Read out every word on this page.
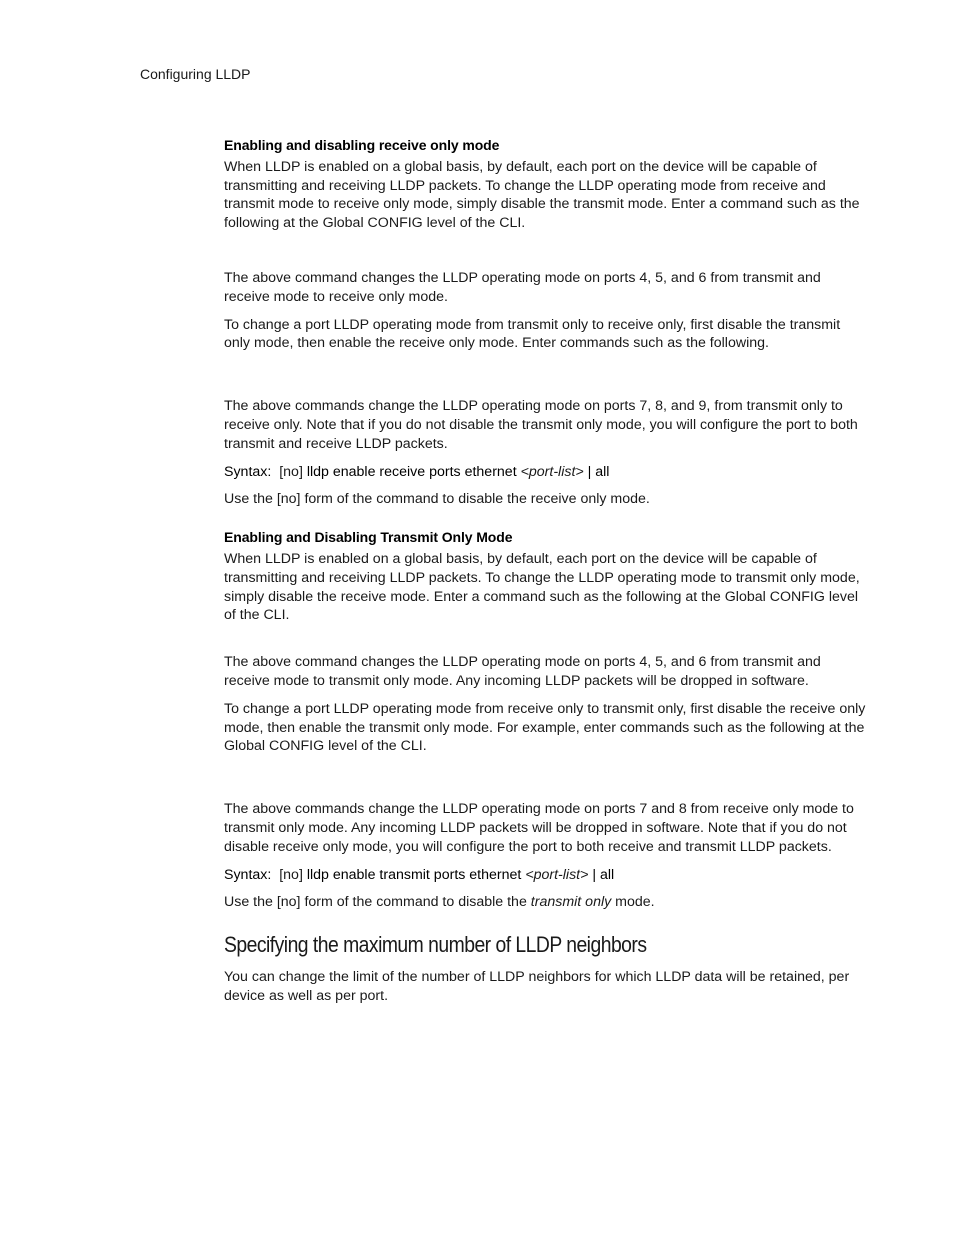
Configuring LLDP

Enabling and disabling receive only mode

When LLDP is enabled on a global basis, by default, each port on the device will be capable of transmitting and receiving LLDP packets. To change the LLDP operating mode from receive and transmit mode to receive only mode, simply disable the transmit mode. Enter a command such as the following at the Global CONFIG level of the CLI.

The above command changes the LLDP operating mode on ports 4, 5, and 6 from transmit and receive mode to receive only mode.

To change a port LLDP operating mode from transmit only to receive only, first disable the transmit only mode, then enable the receive only mode. Enter commands such as the following.

The above commands change the LLDP operating mode on ports 7, 8, and 9, from transmit only to receive only. Note that if you do not disable the transmit only mode, you will configure the port to both transmit and receive LLDP packets.

Syntax: [no] lldp enable receive ports ethernet <port-list> | all

Use the [no] form of the command to disable the receive only mode.

Enabling and Disabling Transmit Only Mode

When LLDP is enabled on a global basis, by default, each port on the device will be capable of transmitting and receiving LLDP packets. To change the LLDP operating mode to transmit only mode, simply disable the receive mode. Enter a command such as the following at the Global CONFIG level of the CLI.

The above command changes the LLDP operating mode on ports 4, 5, and 6 from transmit and receive mode to transmit only mode. Any incoming LLDP packets will be dropped in software.

To change a port LLDP operating mode from receive only to transmit only, first disable the receive only mode, then enable the transmit only mode. For example, enter commands such as the following at the Global CONFIG level of the CLI.

The above commands change the LLDP operating mode on ports 7 and 8 from receive only mode to transmit only mode. Any incoming LLDP packets will be dropped in software. Note that if you do not disable receive only mode, you will configure the port to both receive and transmit LLDP packets.

Syntax: [no] lldp enable transmit ports ethernet <port-list> | all

Use the [no] form of the command to disable the transmit only mode.

Specifying the maximum number of LLDP neighbors

You can change the limit of the number of LLDP neighbors for which LLDP data will be retained, per device as well as per port.
